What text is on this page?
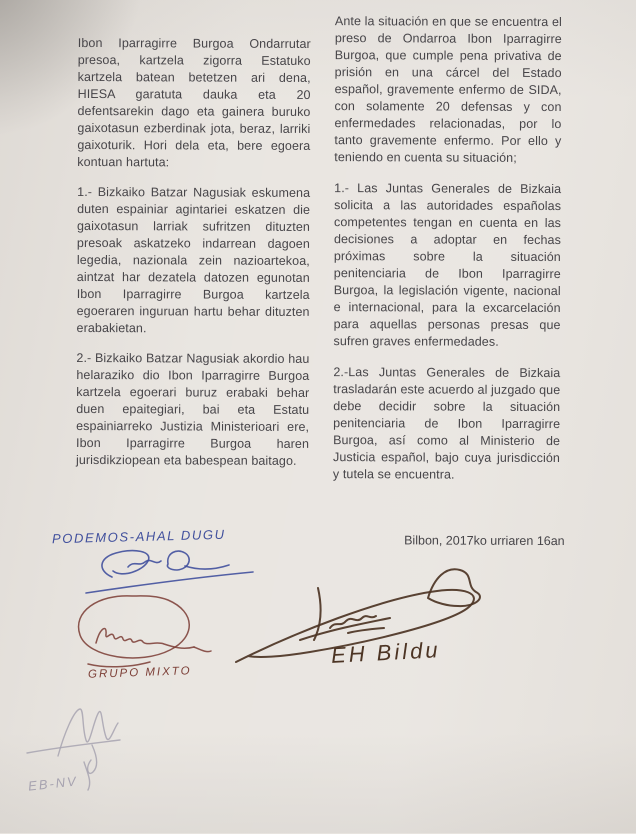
Ibon Iparragirre Burgoa Ondarrutar presoa, kartzela zigorra Estatuko kartzela batean betetzen ari dena, HIESA garatuta dauka eta 20 defentsarekin dago eta gainera buruko gaixotasun ezberdinak jota, beraz, larriki gaixoturik. Hori dela eta, bere egoera kontuan hartuta:

1.- Bizkaiko Batzar Nagusiak eskumena duten espainiar agintariei eskatzen die gaixotasun larriak sufritzen dituzten presoak askatzeko indarrean dagoen legedia, nazionala zein nazioartekoa, aintzat har dezatela datozen egunotan Ibon Iparragirre Burgoa kartzela egoeraren inguruan hartu behar dituzten erabakietan.

2.- Bizkaiko Batzar Nagusiak akordio hau helaraziko dio Ibon Iparragirre Burgoa kartzela egoerari buruz erabaki behar duen epaitegiari, bai eta Estatu espainiarreko Justizia Ministerioari ere, Ibon Iparragirre Burgoa haren jurisdikziopean eta babespean baitago.

Ante la situación en que se encuentra el preso de Ondarroa Ibon Iparragirre Burgoa, que cumple pena privativa de prisión en una cárcel del Estado español, gravemente enfermo de SIDA, con solamente 20 defensas y con enfermedades relacionadas, por lo tanto gravemente enfermo. Por ello y teniendo en cuenta su situación;

1.- Las Juntas Generales de Bizkaia solicita a las autoridades españolas competentes tengan en cuenta en las decisiones a adoptar en fechas próximas sobre la situación penitenciaria de Ibon Iparragirre Burgoa, la legislación vigente, nacional e internacional, para la excarcelación para aquellas personas presas que sufren graves enfermedades.

2.-Las Juntas Generales de Bizkaia trasladarán este acuerdo al juzgado que debe decidir sobre la situación penitenciaria de Ibon Iparragirre Burgoa, así como al Ministerio de Justicia español, bajo cuya jurisdicción y tutela se encuentra.

Bilbon, 2017ko urriaren 16an
PODEMOS-AHAL DUGU
GRUPO MIXTO
EH Bildu
EB-NV
